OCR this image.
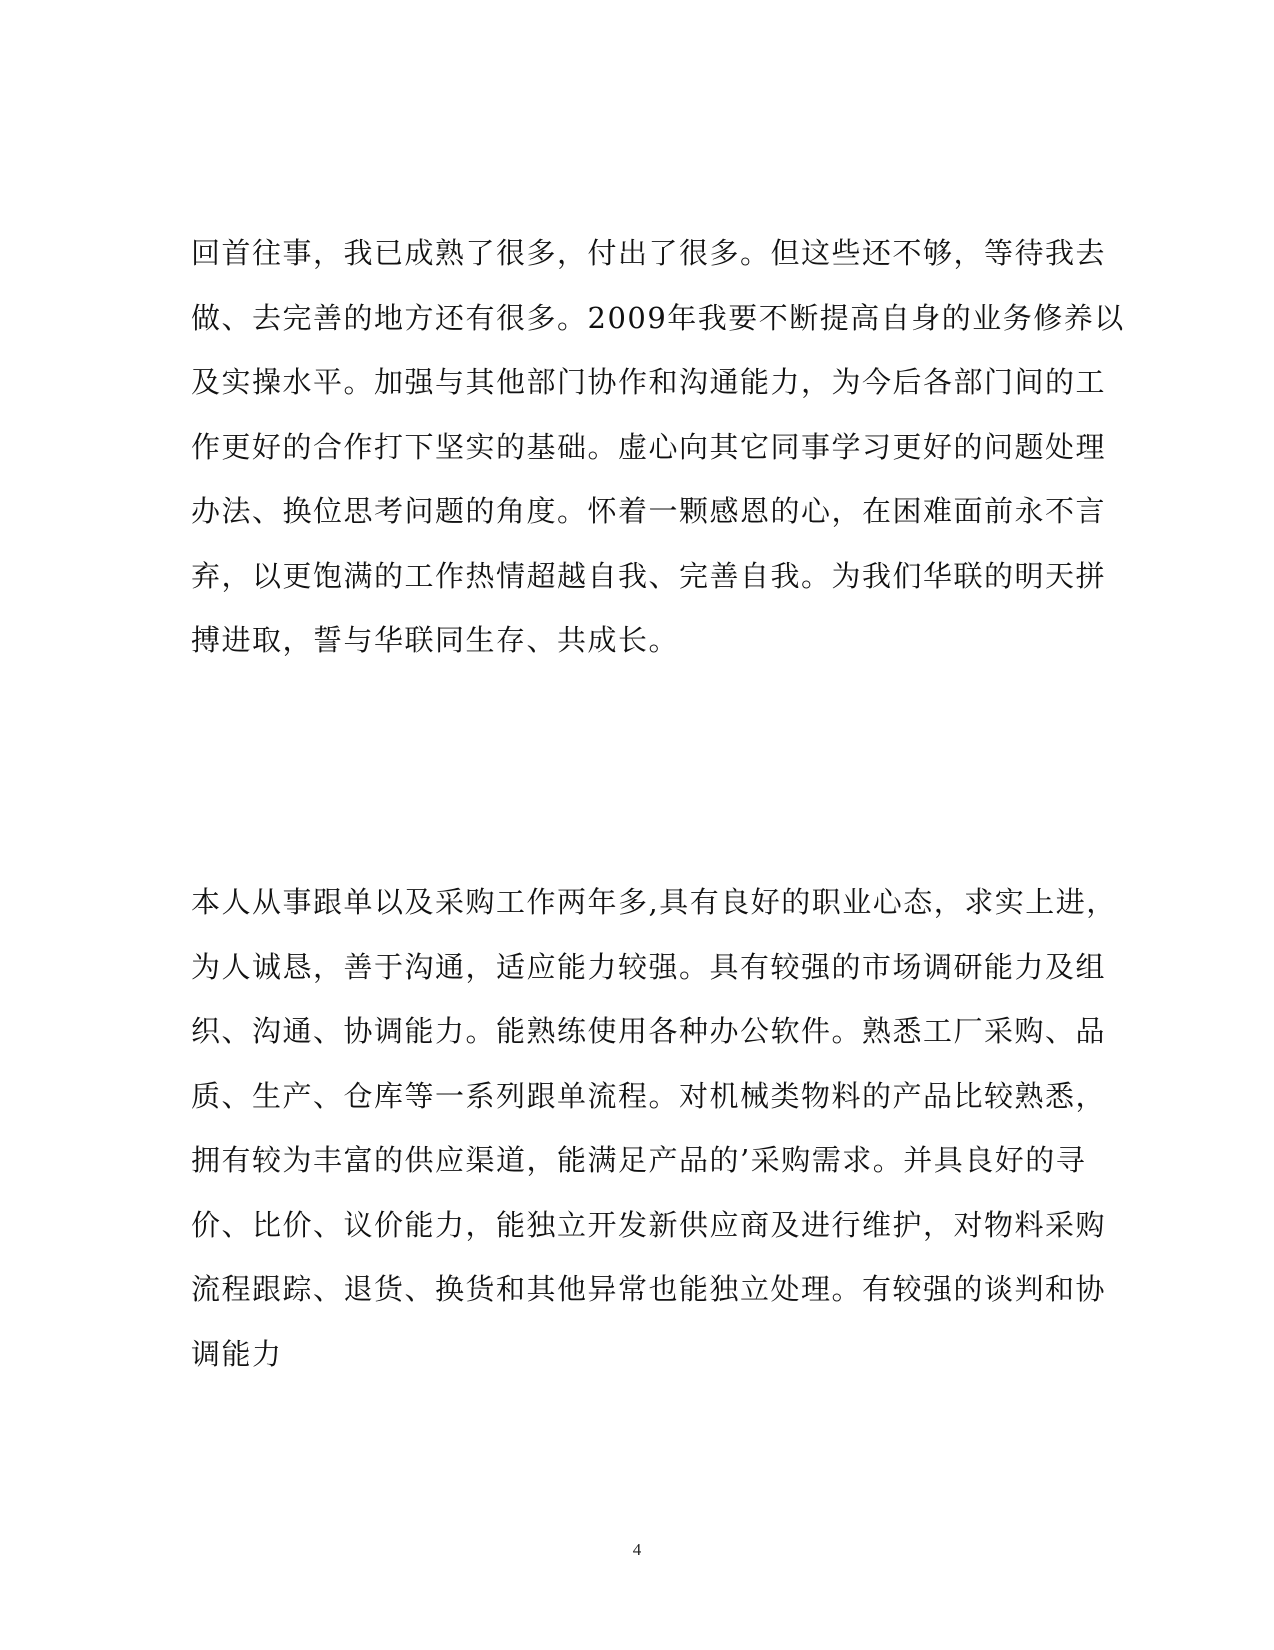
回首往事，我已成熟了很多，付出了很多。但这些还不够，等待我去
做、去完善的地方还有很多。2009年我要不断提高自身的业务修养以
及实操水平。加强与其他部门协作和沟通能力，为今后各部门间的工
作更好的合作打下坚实的基础。虚心向其它同事学习更好的问题处理
办法、换位思考问题的角度。怀着一颗感恩的心，在困难面前永不言
弃，以更饱满的工作热情超越自我、完善自我。为我们华联的明天拼
搏进取，誓与华联同生存、共成长。
本人从事跟单以及采购工作两年多,具有良好的职业心态，求实上进，
为人诚恳，善于沟通，适应能力较强。具有较强的市场调研能力及组
织、沟通、协调能力。能熟练使用各种办公软件。熟悉工厂采购、品
质、生产、仓库等一系列跟单流程。对机械类物料的产品比较熟悉，
拥有较为丰富的供应渠道，能满足产品的’采购需求。并具良好的寻
价、比价、议价能力，能独立开发新供应商及进行维护，对物料采购
流程跟踪、退货、换货和其他异常也能独立处理。有较强的谈判和协
调能力
4
